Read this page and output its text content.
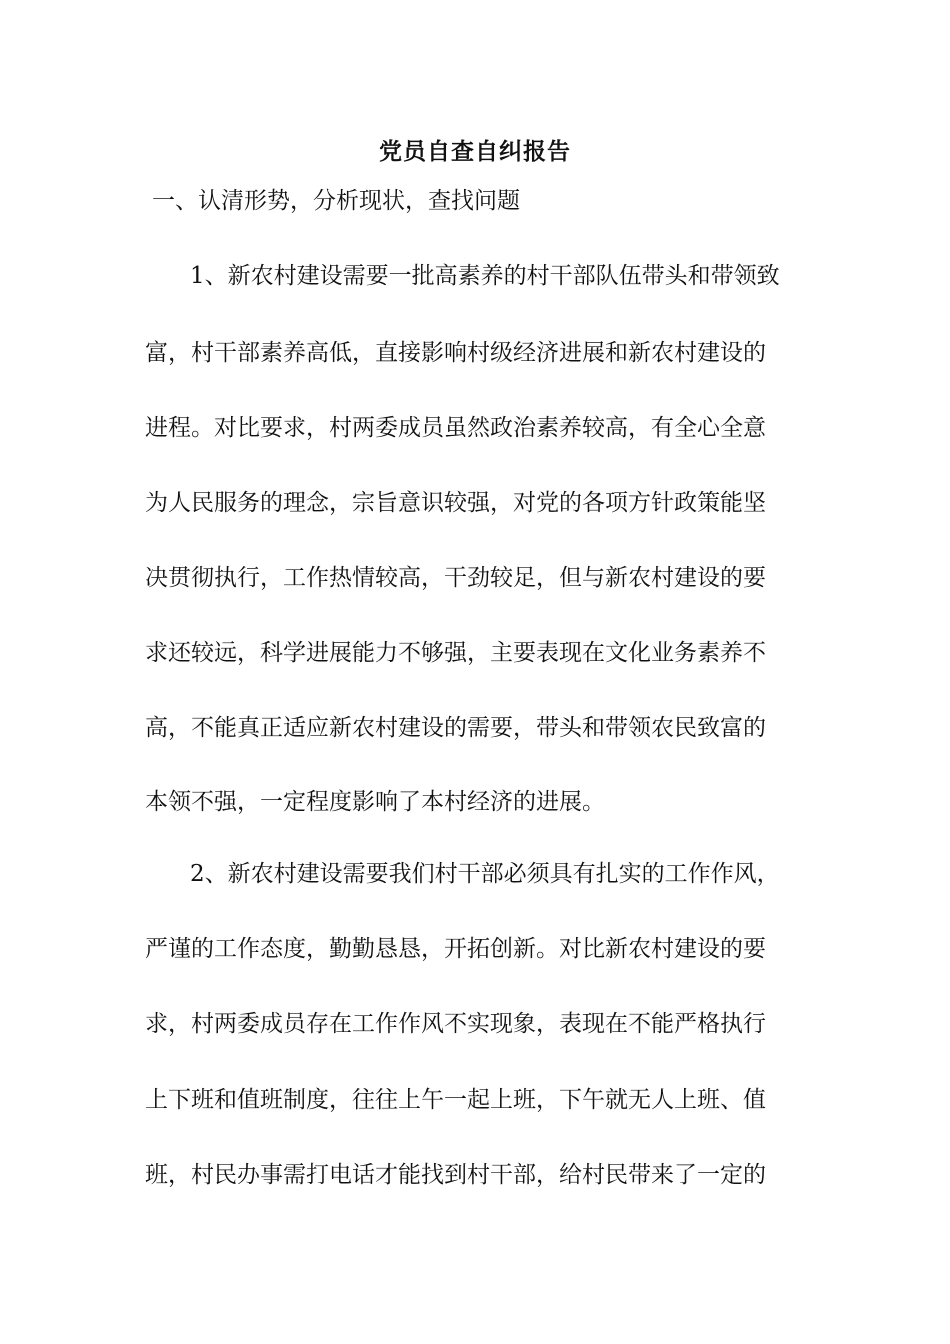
党员自查自纠报告
一、认清形势，分析现状，查找问题
1、新农村建设需要一批高素养的村干部队伍带头和带领致
富，村干部素养高低，直接影响村级经济进展和新农村建设的
进程。对比要求，村两委成员虽然政治素养较高，有全心全意
为人民服务的理念，宗旨意识较强，对党的各项方针政策能坚
决贯彻执行，工作热情较高，干劲较足，但与新农村建设的要
求还较远，科学进展能力不够强，主要表现在文化业务素养不
高，不能真正适应新农村建设的需要，带头和带领农民致富的
本领不强，一定程度影响了本村经济的进展。
2、新农村建设需要我们村干部必须具有扎实的工作作风，
严谨的工作态度，勤勤恳恳，开拓创新。对比新农村建设的要
求，村两委成员存在工作作风不实现象，表现在不能严格执行
上下班和值班制度，往往上午一起上班，下午就无人上班、值
班，村民办事需打电话才能找到村干部，给村民带来了一定的
